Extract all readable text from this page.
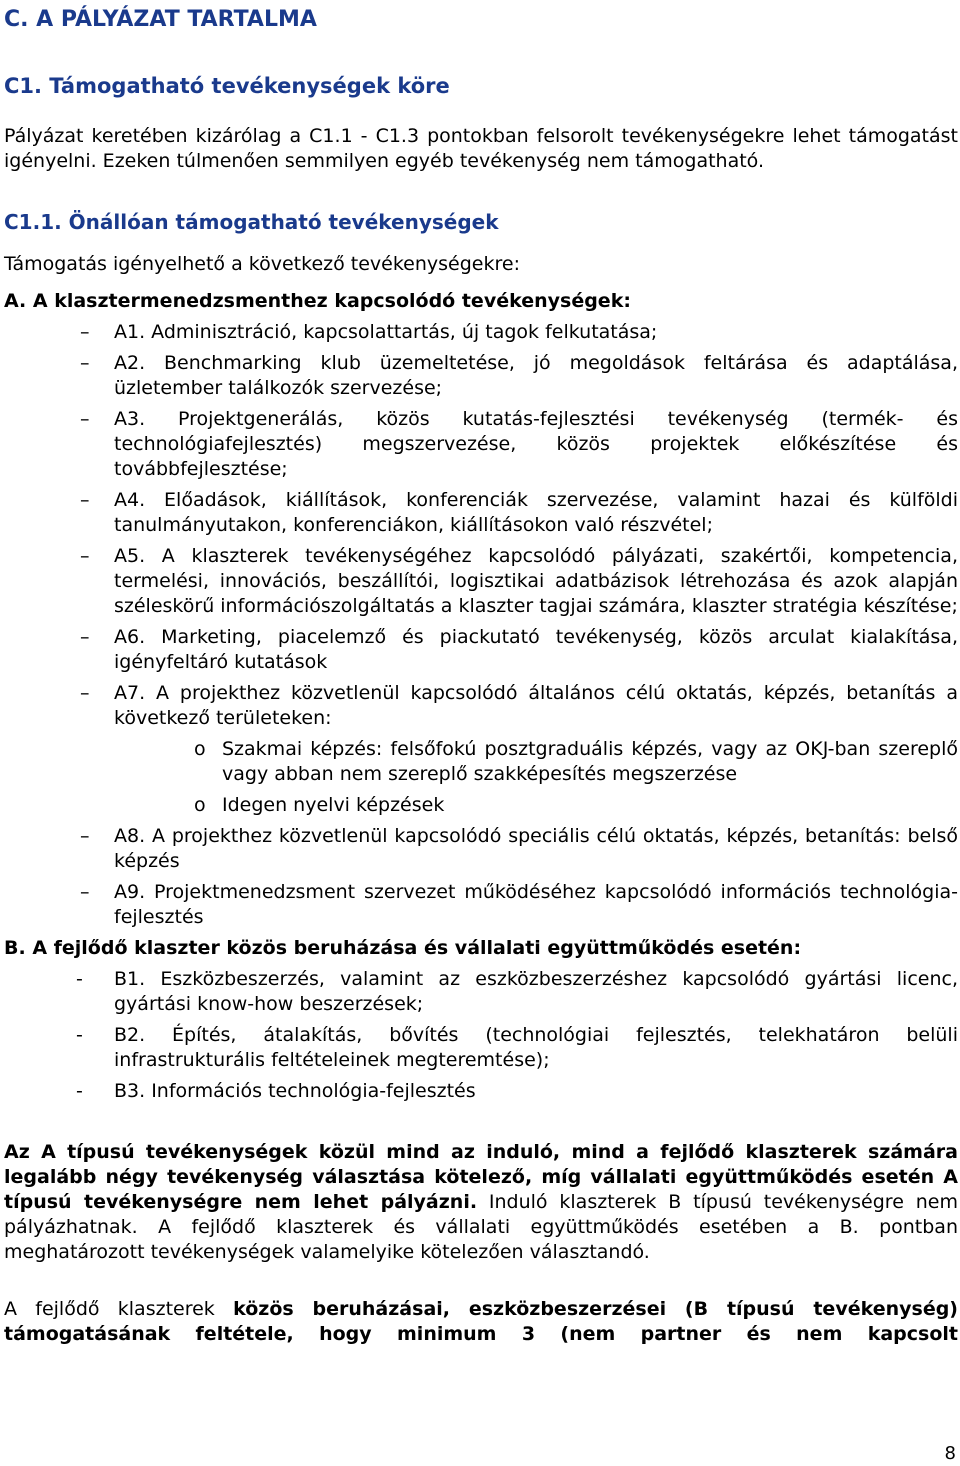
C. A PÁLYÁZAT TARTALMA
C1. Támogatható tevékenységek köre

Pályázat keretében kizárólag a C1.1 - C1.3 pontokban felsorolt tevékenységekre lehet támogatást igényelni. Ezeken túlmenően semmilyen egyéb tevékenység nem támogatható.

C1.1. Önállóan támogatható tevékenységek

Támogatás igényelhető a következő tevékenységekre:

A. A klasztermenedzsmenthez kapcsolódó tevékenységek:

– A1. Adminisztráció, kapcsolattartás, új tagok felkutatása;
– A2. Benchmarking klub üzemeltetése, jó megoldások feltárása és adaptálása, üzletember találkozók szervezése;
– A3. Projektgenerálás, közös kutatás-fejlesztési tevékenység (termék- és technológiafejlesztés) megszervezése, közös projektek előkészítése és továbbfejlesztése;
– A4. Előadások, kiállítások, konferenciák szervezése, valamint hazai és külföldi tanulmányutakon, konferenciákon, kiállításokon való részvétel;
– A5. A klaszterek tevékenységéhez kapcsolódó pályázati, szakértői, kompetencia, termelési, innovációs, beszállítói, logisztikai adatbázisok létrehozása és azok alapján széleskörű információszolgáltatás a klaszter tagjai számára, klaszter stratégia készítése;
– A6. Marketing, piacelemző és piackutató tevékenység, közös arculat kialakítása, igényfeltáró kutatások
– A7. A projekthez közvetlenül kapcsolódó általános célú oktatás, képzés, betanítás a következő területeken:
o Szakmai képzés: felsőfokú posztgraduális képzés, vagy az OKJ-ban szereplő vagy abban nem szereplő szakképesítés megszerzése
o Idegen nyelvi képzések
– A8. A projekthez közvetlenül kapcsolódó speciális célú oktatás, képzés, betanítás: belső képzés
– A9. Projektmenedzsment szervezet működéséhez kapcsolódó információs technológia-fejlesztés

B. A fejlődő klaszter közös beruházása és vállalati együttműködés esetén:

- B1. Eszközbeszerzés, valamint az eszközbeszerzéshez kapcsolódó gyártási licenc, gyártási know-how beszerzések;
- B2. Építés, átalakítás, bővítés (technológiai fejlesztés, telekhatáron belüli infrastrukturális feltételeinek megteremtése);
- B3. Információs technológia-fejlesztés

Az A típusú tevékenységek közül mind az induló, mind a fejlődő klaszterek számára legalább négy tevékenység választása kötelező, míg vállalati együttműködés esetén A típusú tevékenységre nem lehet pályázni. Induló klaszterek B típusú tevékenységre nem pályázhatnak. A fejlődő klaszterek és vállalati együttműködés esetében a B. pontban meghatározott tevékenységek valamelyike kötelezően választandó.

A fejlődő klaszterek közös beruházásai, eszközbeszerzései (B típusú tevékenység) támogatásának feltétele, hogy minimum 3 (nem partner és nem kapcsolt

8
